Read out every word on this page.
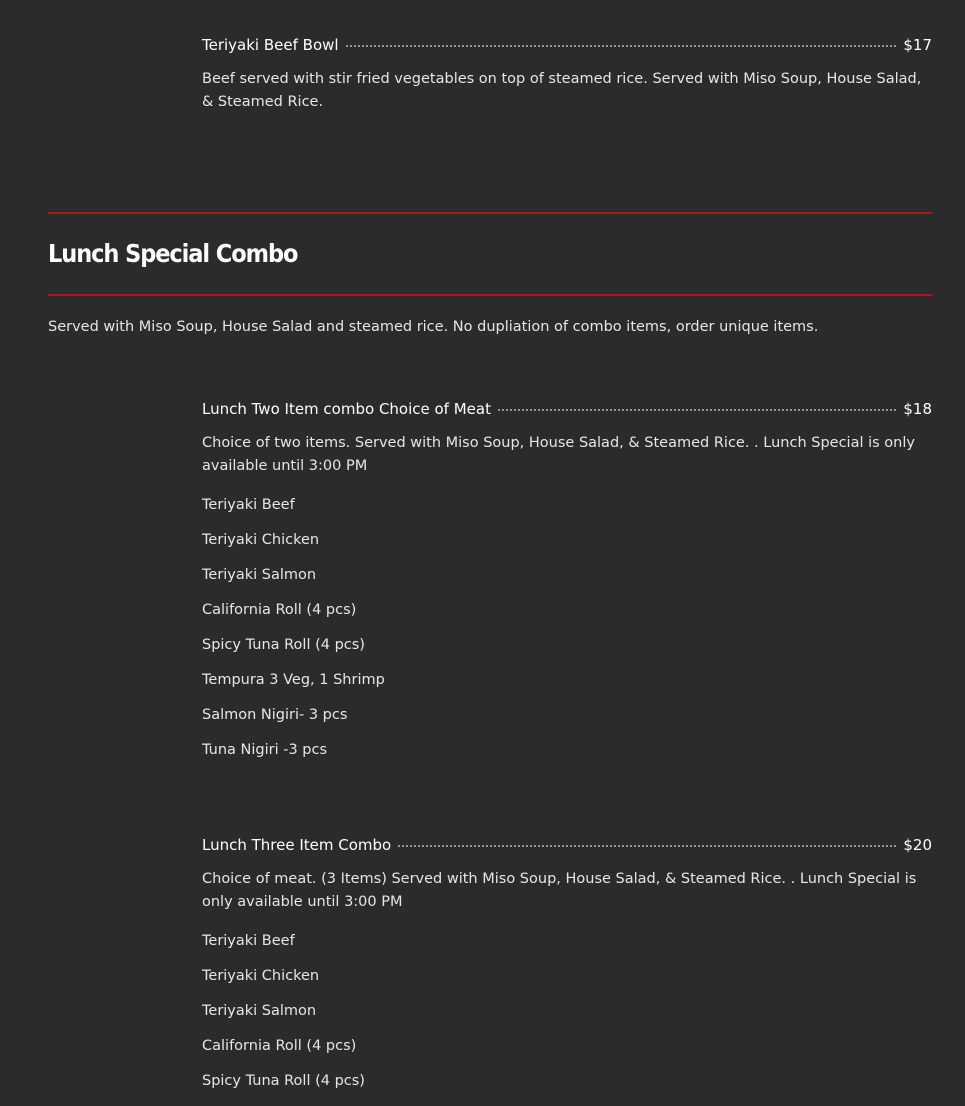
Teriyaki Beef Bowl	$17
Beef served with stir fried vegetables on top of steamed rice. Served with Miso Soup, House Salad, & Steamed Rice.
Lunch Special Combo
Served with Miso Soup, House Salad and steamed rice. No dupliation of combo items, order unique items.
Lunch Two Item combo Choice of Meat	$18
Choice of two items. Served with Miso Soup, House Salad, & Steamed Rice. . Lunch Special is only available until 3:00 PM
Teriyaki Beef
Teriyaki Chicken
Teriyaki Salmon
California Roll (4 pcs)
Spicy Tuna Roll (4 pcs)
Tempura 3 Veg, 1 Shrimp
Salmon Nigiri- 3 pcs
Tuna Nigiri -3 pcs
Lunch Three Item Combo	$20
Choice of meat. (3 Items) Served with Miso Soup, House Salad, & Steamed Rice. . Lunch Special is only available until 3:00 PM
Teriyaki Beef
Teriyaki Chicken
Teriyaki Salmon
California Roll (4 pcs)
Spicy Tuna Roll (4 pcs)
